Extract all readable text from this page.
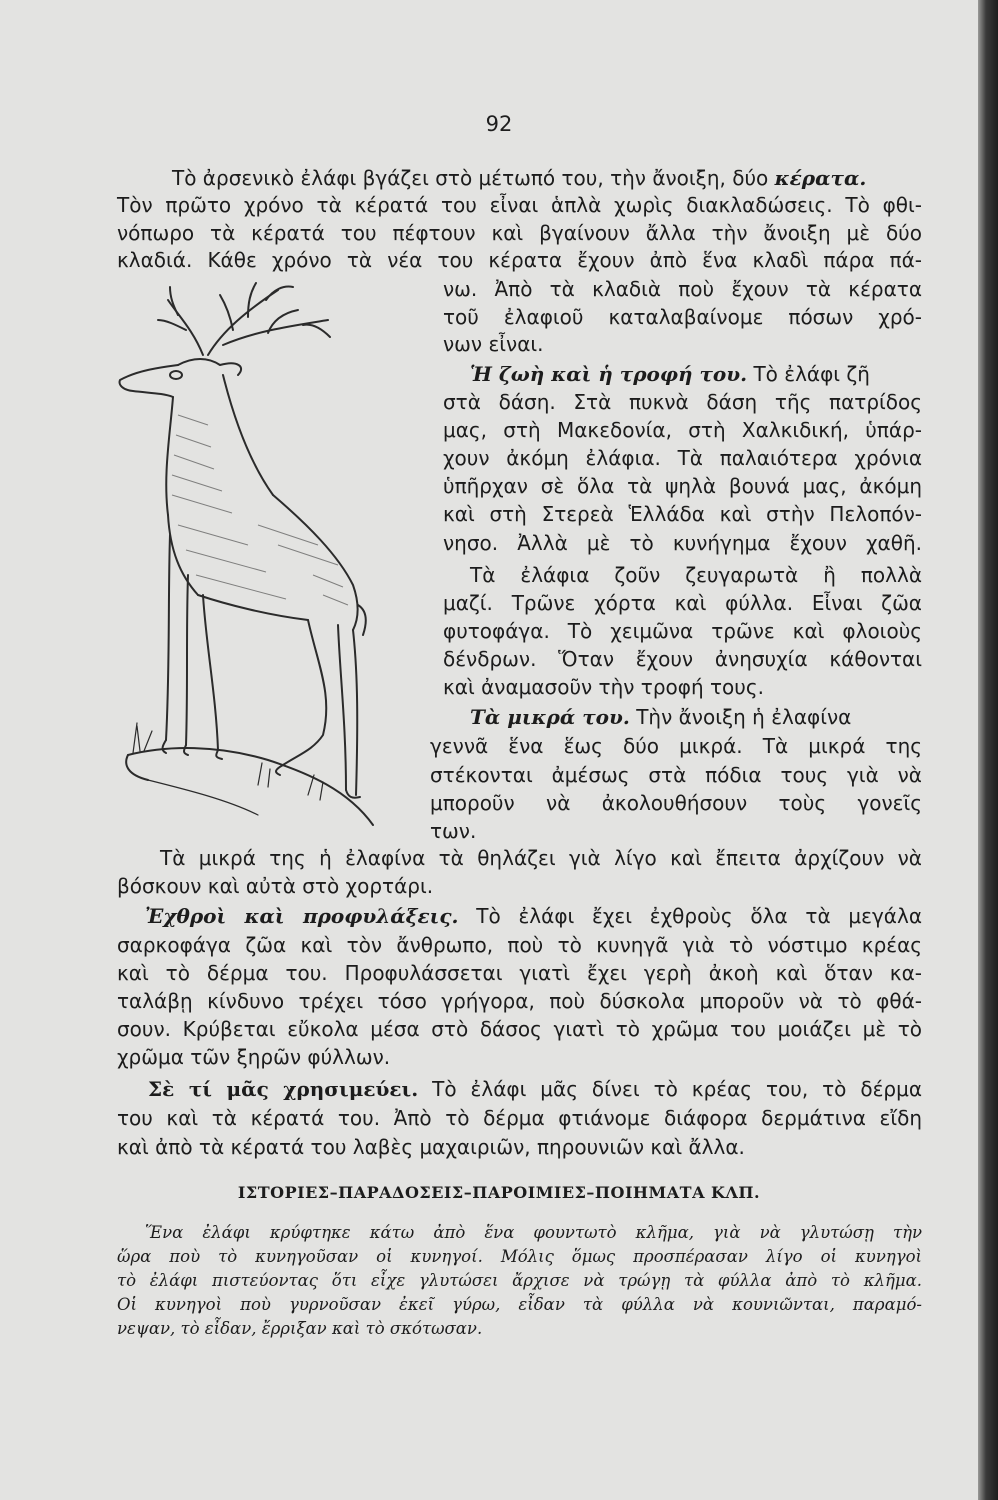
92
Τὸ ἀρσενικὸ ἐλάφι βγάζει στὸ μέτωπό του, τὴν ἄνοιξη, δύο κέρατα.
Τὸν πρῶτο χρόνο τὰ κέρατά του εἶναι ἁπλὰ χωρὶς διακλαδώσεις. Τὸ φθι-
νόπωρο τὰ κέρατά του πέφτουν καὶ βγαίνουν ἄλλα τὴν ἄνοιξη μὲ δύο
κλαδιά. Κάθε χρόνο τὰ νέα του κέρατα ἔχουν ἀπὸ ἕνα κλαδὶ πάρα πά-
νω. Ἀπὸ τὰ κλαδιὰ ποὺ ἔχουν τὰ κέρατα
τοῦ ἐλαφιοῦ καταλαβαίνομε πόσων χρό-
νων εἶναι.
Ἡ ζωὴ καὶ ἡ τροφή του. Τὸ ἐλάφι ζῆ
στὰ δάση. Στὰ πυκνὰ δάση τῆς πατρίδος
μας, στὴ Μακεδονία, στὴ Χαλκιδική, ὑπάρ-
χουν ἀκόμη ἐλάφια. Τὰ παλαιότερα χρόνια
ὑπῆρχαν σὲ ὅλα τὰ ψηλὰ βουνά μας, ἀκόμη
καὶ στὴ Στερεὰ Ἑλλάδα καὶ στὴν Πελοπόν-
νησο. Ἀλλὰ μὲ τὸ κυνήγημα ἔχουν χαθῆ.
Τὰ ἐλάφια ζοῦν ζευγαρωτὰ ἢ πολλὰ
μαζί. Τρῶνε χόρτα καὶ φύλλα. Εἶναι ζῶα
φυτοφάγα. Τὸ χειμῶνα τρῶνε καὶ φλοιοὺς
δένδρων. Ὅταν ἔχουν ἀνησυχία κάθονται
καὶ ἀναμασοῦν τὴν τροφή τους.
Τὰ μικρά του. Τὴν ἄνοιξη ἡ ἐλαφίνα
γεννᾶ ἕνα ἕως δύο μικρά. Τὰ μικρά της
στέκονται ἀμέσως στὰ πόδια τους γιὰ νὰ
μποροῦν νὰ ἀκολουθήσουν τοὺς γονεῖς
των.
Τὰ μικρά της ἡ ἐλαφίνα τὰ θηλάζει γιὰ λίγο καὶ ἔπειτα ἀρχίζουν νὰ
βόσκουν καὶ αὐτὰ στὸ χορτάρι.
Ἐχθροὶ καὶ προφυλάξεις. Τὸ ἐλάφι ἔχει ἐχθροὺς ὅλα τὰ μεγάλα
σαρκοφάγα ζῶα καὶ τὸν ἄνθρωπο, ποὺ τὸ κυνηγᾶ γιὰ τὸ νόστιμο κρέας
καὶ τὸ δέρμα του. Προφυλάσσεται γιατὶ ἔχει γερὴ ἀκοὴ καὶ ὅταν κα-
ταλάβῃ κίνδυνο τρέχει τόσο γρήγορα, ποὺ δύσκολα μποροῦν νὰ τὸ φθά-
σουν. Κρύβεται εὔκολα μέσα στὸ δάσος γιατὶ τὸ χρῶμα του μοιάζει μὲ τὸ
χρῶμα τῶν ξηρῶν φύλλων.
Σὲ τί μᾶς χρησιμεύει. Τὸ ἐλάφι μᾶς δίνει τὸ κρέας του, τὸ δέρμα
του καὶ τὰ κέρατά του. Ἀπὸ τὸ δέρμα φτιάνομε διάφορα δερμάτινα εἴδη
καὶ ἀπὸ τὰ κέρατά του λαβὲς μαχαιριῶν, πηρουνιῶν καὶ ἄλλα.
ΙΣΤΟΡΙΕΣ–ΠΑΡΑΔΟΣΕΙΣ–ΠΑΡΟΙΜΙΕΣ–ΠΟΙΗΜΑΤΑ ΚΛΠ.
Ἕνα ἐλάφι κρύφτηκε κάτω ἀπὸ ἕνα φουντωτὸ κλῆμα, γιὰ νὰ γλυτώσῃ τὴν
ὥρα ποὺ τὸ κυνηγοῦσαν οἱ κυνηγοί. Μόλις ὅμως προσπέρασαν λίγο οἱ κυνηγοὶ
τὸ ἐλάφι πιστεύοντας ὅτι εἶχε γλυτώσει ἄρχισε νὰ τρώγῃ τὰ φύλλα ἀπὸ τὸ κλῆμα.
Οἱ κυνηγοὶ ποὺ γυρνοῦσαν ἐκεῖ γύρω, εἶδαν τὰ φύλλα νὰ κουνιῶνται, παραμό-
νεψαν, τὸ εἶδαν, ἔρριξαν καὶ τὸ σκότωσαν.
